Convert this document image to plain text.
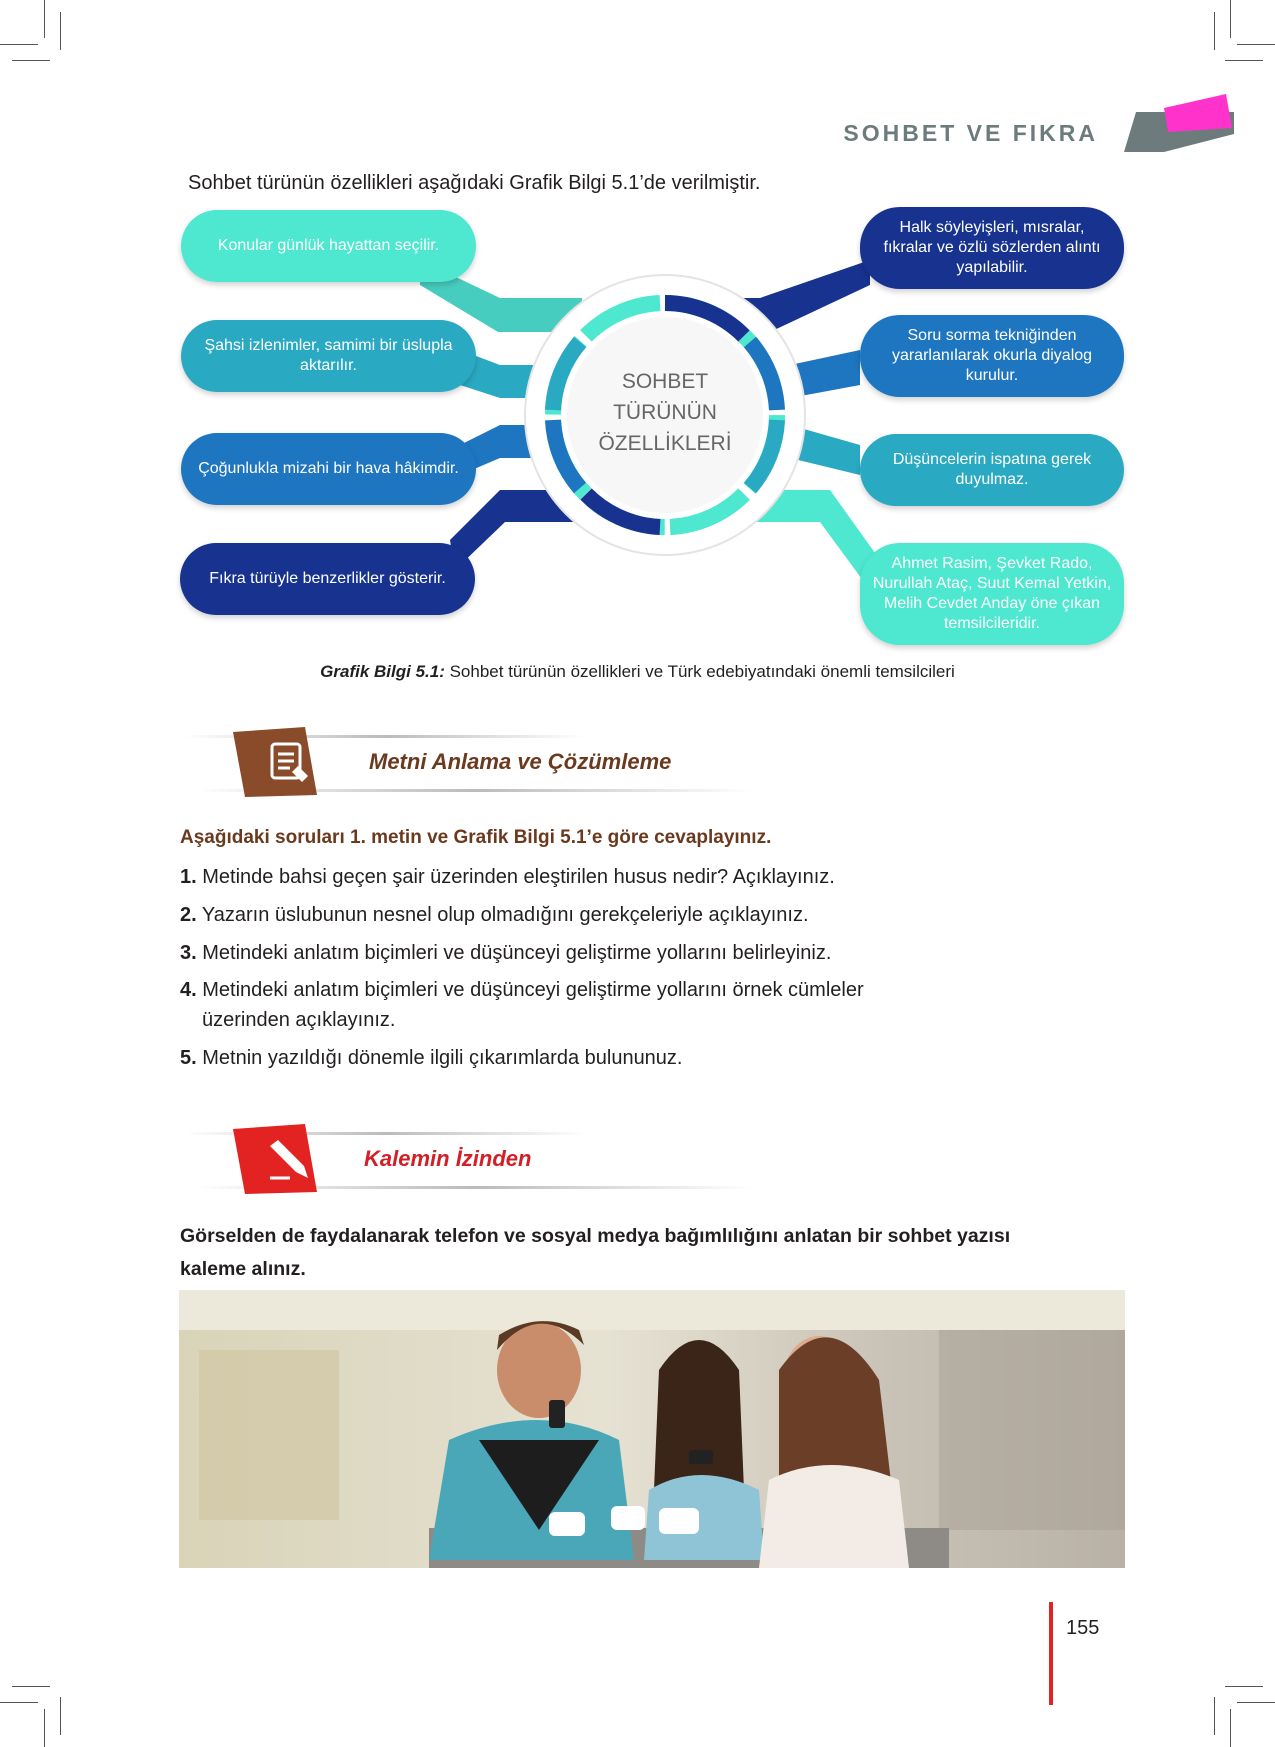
SOHBET VE FIKRA
Sohbet türünün özellikleri aşağıdaki Grafik Bilgi 5.1’de verilmiştir.
SOHBET
TÜRÜNÜN
ÖZELLİKLERİ
Konular günlük hayattan seçilir.
Şahsi izlenimler, samimi bir üslupla aktarılır.
Çoğunlukla mizahi bir hava hâkimdir.
Fıkra türüyle benzerlikler gösterir.
Halk söyleyişleri, mısralar, fıkralar ve özlü sözlerden alıntı yapılabilir.
Soru sorma tekniğinden yararlanılarak okurla diyalog kurulur.
Düşüncelerin ispatına gerek duyulmaz.
Ahmet Rasim, Şevket Rado, Nurullah Ataç, Suut Kemal Yetkin, Melih Cevdet Anday öne çıkan temsilcileridir.
Grafik Bilgi 5.1: Sohbet türünün özellikleri ve Türk edebiyatındaki önemli temsilcileri
Metni Anlama ve Çözümleme
Aşağıdaki soruları 1. metin ve Grafik Bilgi 5.1’e göre cevaplayınız.
1. Metinde bahsi geçen şair üzerinden eleştirilen husus nedir? Açıklayınız.
2. Yazarın üslubunun nesnel olup olmadığını gerekçeleriyle açıklayınız.
3. Metindeki anlatım biçimleri ve düşünceyi geliştirme yollarını belirleyiniz.
4. Metindeki anlatım biçimleri ve düşünceyi geliştirme yollarını örnek cümleler
üzerinden açıklayınız.
5. Metnin yazıldığı dönemle ilgili çıkarımlarda bulununuz.
Kalemin İzinden
Görselden de faydalanarak telefon ve sosyal medya bağımlılığını anlatan bir sohbet yazısı kaleme alınız.
155
